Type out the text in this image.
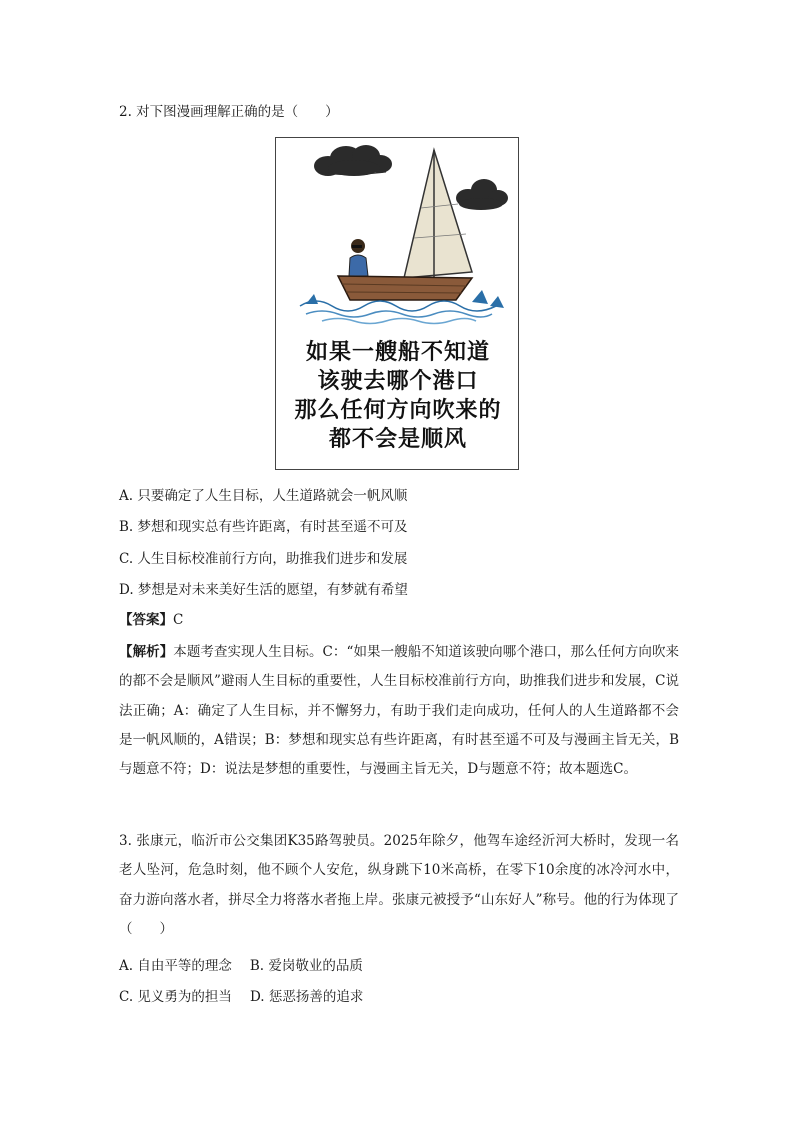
2. 对下图漫画理解正确的是（　　）
如果一艘船不知道
该驶去哪个港口
那么任何方向吹来的
都不会是顺风
A. 只要确定了人生目标，人生道路就会一帆风顺
B. 梦想和现实总有些许距离，有时甚至遥不可及
C. 人生目标校准前行方向，助推我们进步和发展
D. 梦想是对未来美好生活的愿望，有梦就有希望
【答案】C
【解析】本题考查实现人生目标。C：“如果一艘船不知道该驶向哪个港口，那么任何方向吹来的都不会是顺风”避雨人生目标的重要性，人生目标校准前行方向，助推我们进步和发展，C说法正确；A：确定了人生目标，并不懈努力，有助于我们走向成功，任何人的人生道路都不会是一帆风顺的，A错误；B：梦想和现实总有些许距离，有时甚至遥不可及与漫画主旨无关，B与题意不符；D：说法是梦想的重要性，与漫画主旨无关，D与题意不符；故本题选C。
3. 张康元，临沂市公交集团K35路驾驶员。2025年除夕，他驾车途经沂河大桥时，发现一名老人坠河，危急时刻，他不顾个人安危，纵身跳下10米高桥，在零下10余度的冰冷河水中，奋力游向落水者，拼尽全力将落水者拖上岸。张康元被授予“山东好人”称号。他的行为体现了（　　）
A. 自由平等的理念 B. 爱岗敬业的品质
C. 见义勇为的担当 D. 惩恶扬善的追求
